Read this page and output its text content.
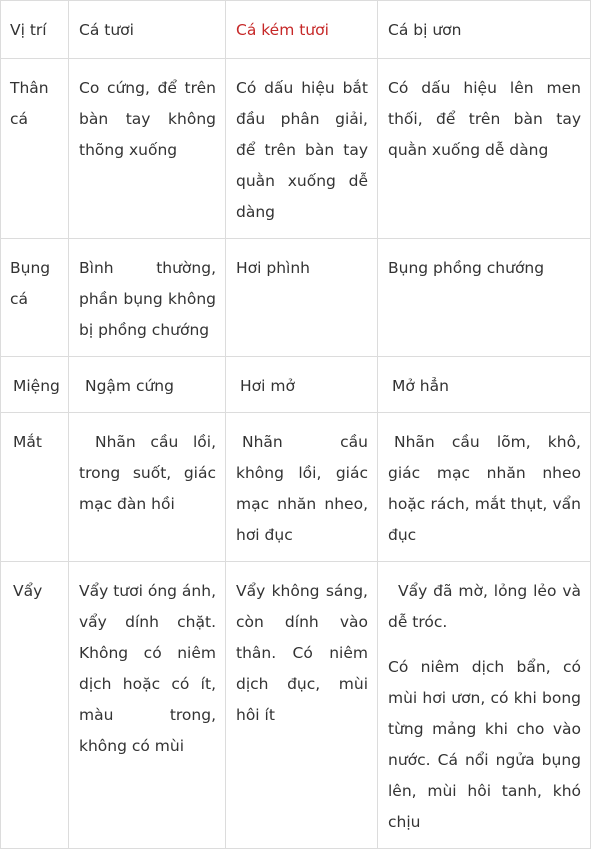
Vị trí	Cá tươi	Cá kém tươi	Cá bị ươn

Thân cá	Co cứng, để trên bàn tay không thõng xuống	Có dấu hiệu bắt đầu phân giải, để trên bàn tay quằn xuống dễ dàng	Có dấu hiệu lên men thối, để trên bàn tay quằn xuống dễ dàng

Bụng cá	Bình thường, phần bụng không bị phồng chướng	Hơi phình	Bụng phồng chướng

Miệng	Ngậm cứng	Hơi mở	Mở hẳn

Mắt	Nhãn cầu lồi, trong suốt, giác mạc đàn hồi	Nhãn cầu không lồi, giác mạc nhăn nheo, hơi đục	Nhãn cầu lõm, khô, giác mạc nhăn nheo hoặc rách, mắt thụt, vẩn đục

Vẩy	Vẩy tươi óng ánh, vẩy dính chặt. Không có niêm dịch hoặc có ít, màu trong, không có mùi	Vẩy không sáng, còn dính vào thân. Có niêm dịch đục, mùi hôi ít	Vẩy đã mờ, lỏng lẻo và dễ tróc.
Có niêm dịch bẩn, có mùi hơi ươn, có khi bong từng mảng khi cho vào nước. Cá nổi ngửa bụng lên, mùi hôi tanh, khó chịu
